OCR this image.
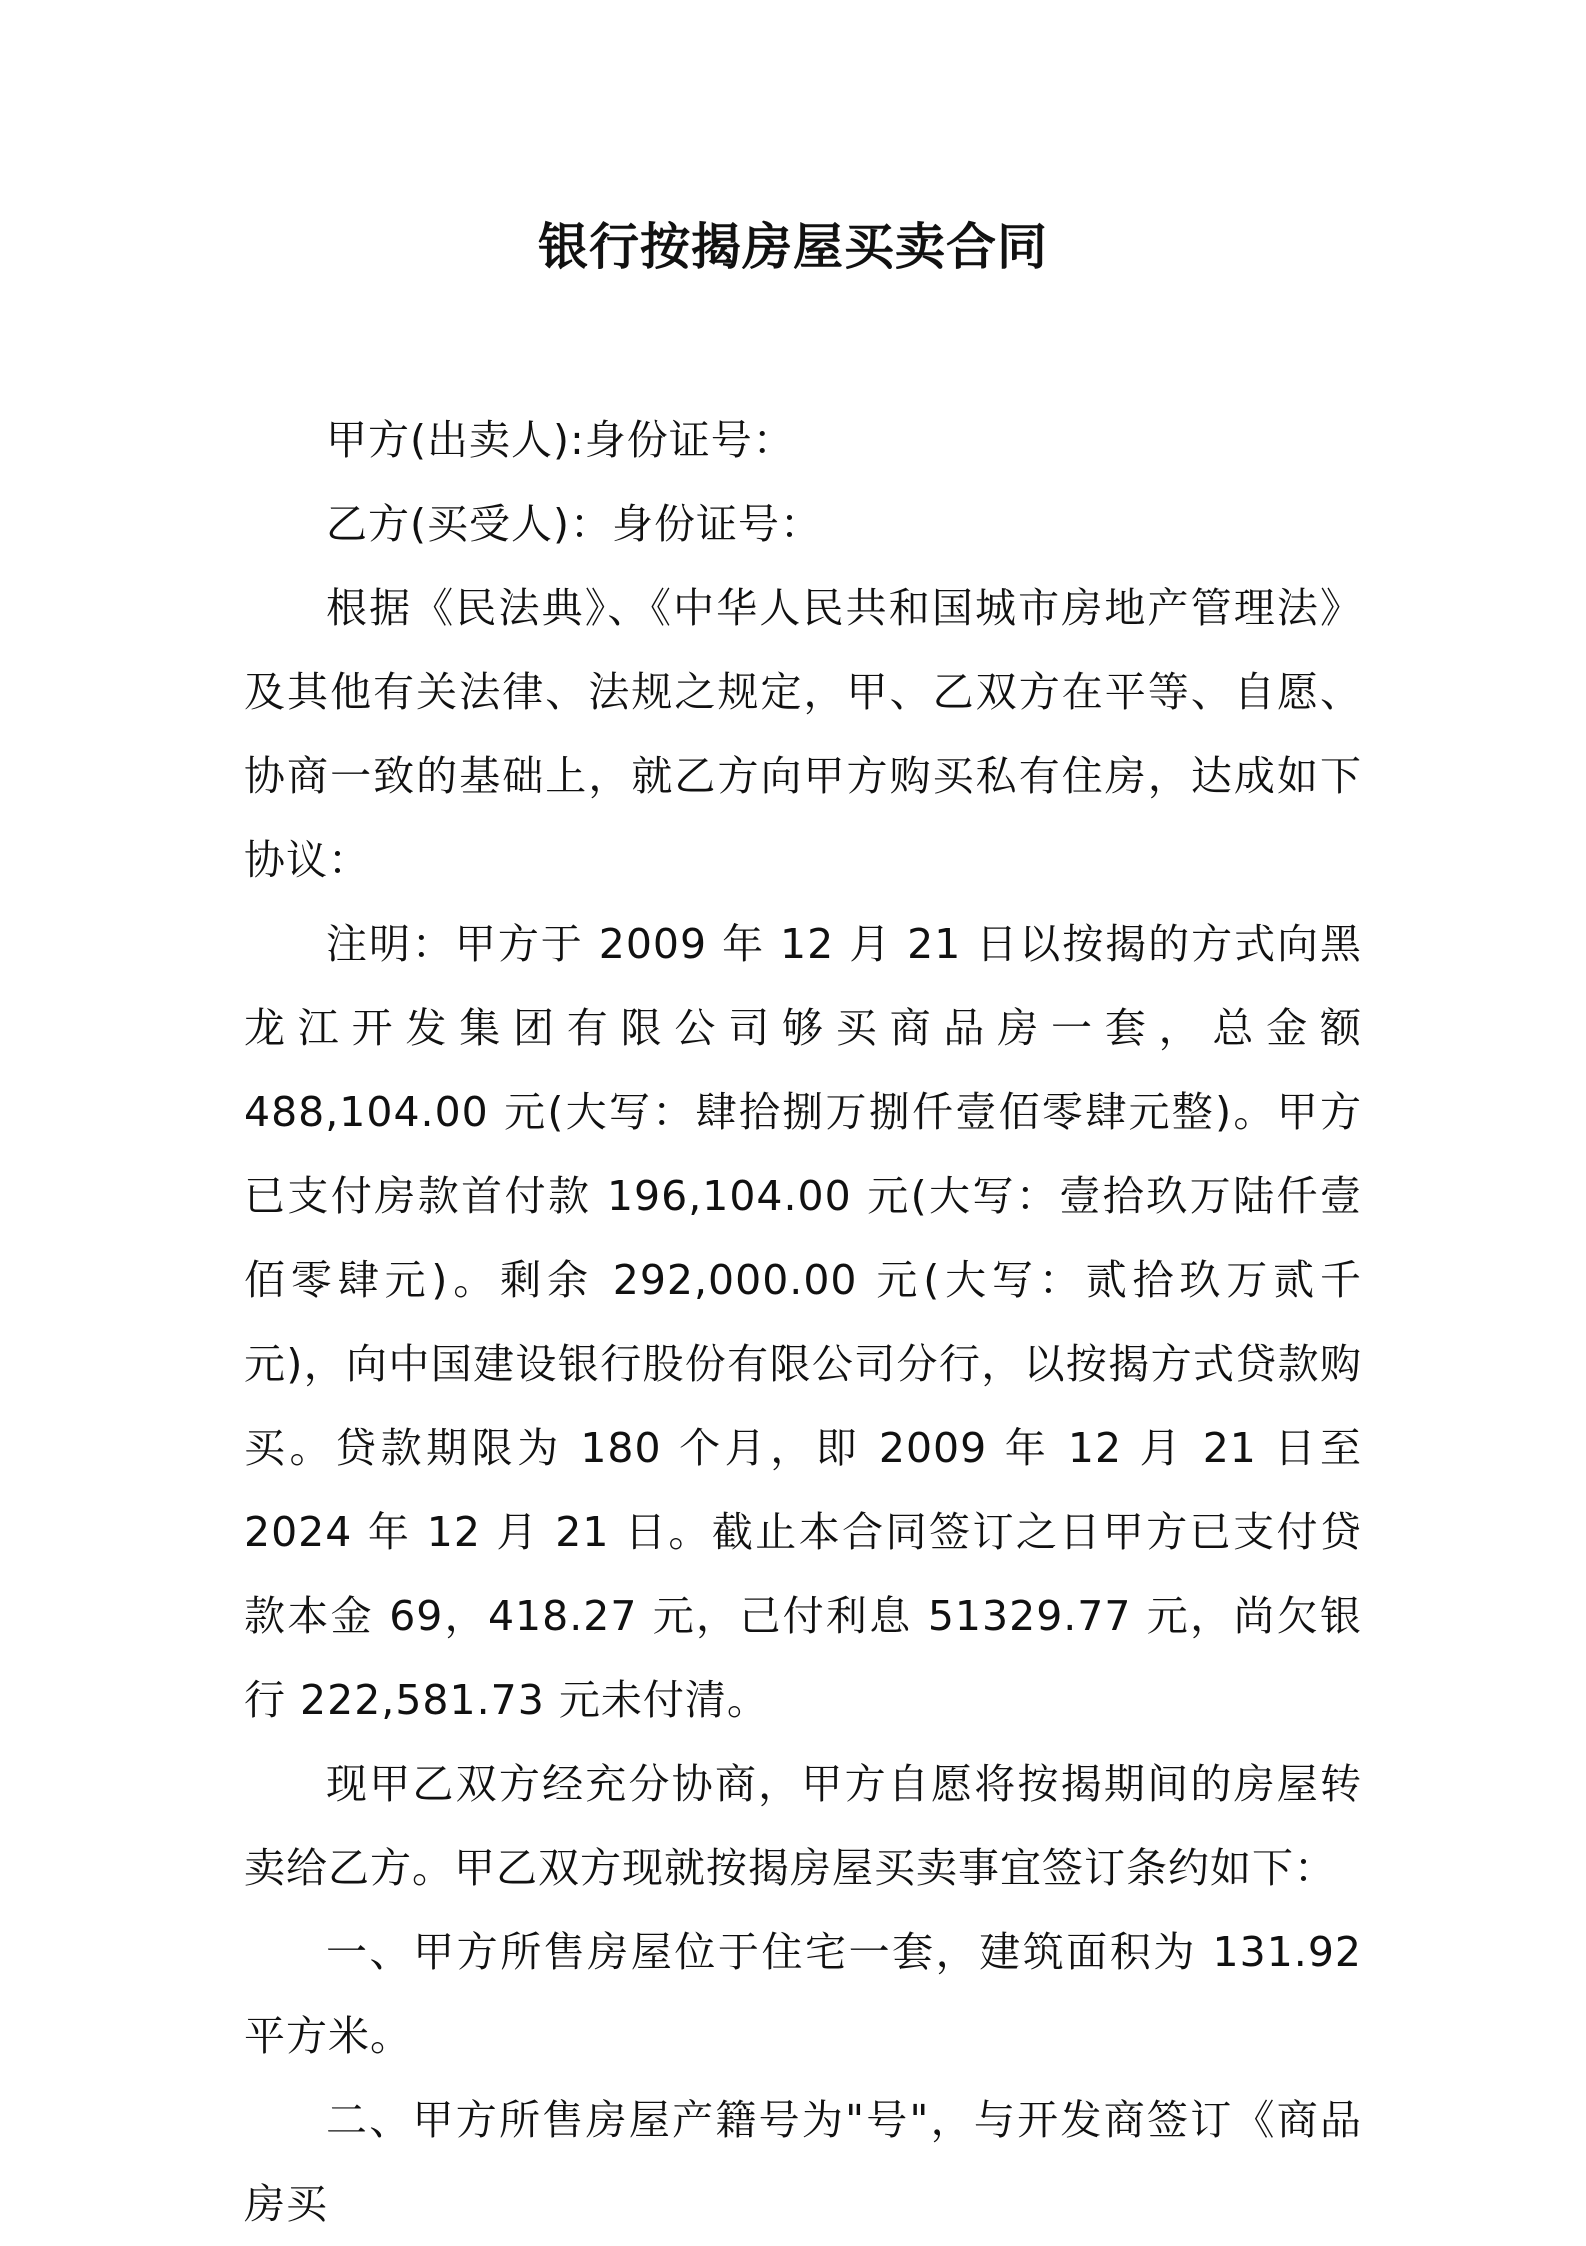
银行按揭房屋买卖合同

甲方(出卖人):身份证号：

乙方(买受人)：身份证号：

根据《民法典》、《中华人民共和国城市房地产管理法》及其他有关法律、法规之规定，甲、乙双方在平等、自愿、协商一致的基础上，就乙方向甲方购买私有住房，达成如下协议：

注明：甲方于 2009 年 12 月 21 日以按揭的方式向黑龙江开发集团有限公司够买商品房一套，总金额 488,104.00 元(大写：肆拾捌万捌仟壹佰零肆元整)。甲方已支付房款首付款 196,104.00 元(大写：壹拾玖万陆仟壹佰零肆元)。剩余 292,000.00 元(大写：贰拾玖万贰千元)，向中国建设银行股份有限公司分行，以按揭方式贷款购买。贷款期限为 180 个月，即 2009 年 12 月 21 日至 2024 年 12 月 21 日。截止本合同签订之日甲方已支付贷款本金 69，418.27 元，己付利息 51329.77 元，尚欠银行 222,581.73 元未付清。

现甲乙双方经充分协商，甲方自愿将按揭期间的房屋转卖给乙方。甲乙双方现就按揭房屋买卖事宜签订条约如下：

一、甲方所售房屋位于住宅一套，建筑面积为 131.92 平方米。

二、甲方所售房屋产籍号为"号"，与开发商签订《商品房买
